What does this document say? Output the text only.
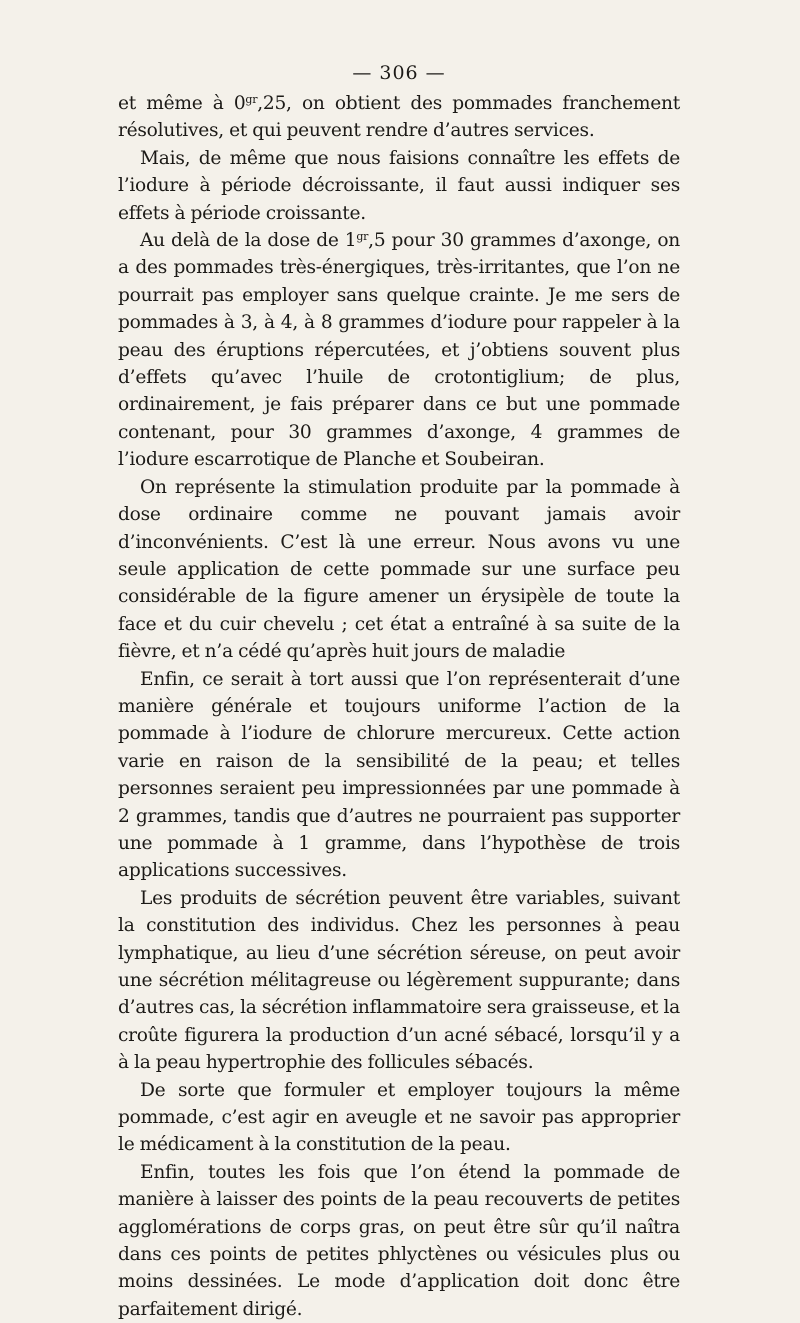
— 306 —

et même à $0^{gr},25$, on obtient des pommades franchement résolutives, et qui peuvent rendre d’autres services.

Mais, de même que nous faisions connaître les effets de l’iodure à période décroissante, il faut aussi indiquer ses effets à période croissante.

Au delà de la dose de $1^{gr},5$ pour 30 grammes d’axonge, on a des pommades très-énergiques, très-irritantes, que l’on ne pourrait pas employer sans quelque crainte. Je me sers de pommades à 3, à 4, à 8 grammes d’iodure pour rappeler à la peau des éruptions répercutées, et j’obtiens souvent plus d’effets qu’avec l’huile de crotontiglium; de plus, ordinairement, je fais préparer dans ce but une pommade contenant, pour 30 grammes d’axonge, 4 grammes de l’iodure escarrotique de Planche et Soubeiran.

On représente la stimulation produite par la pommade à dose ordinaire comme ne pouvant jamais avoir d’inconvénients. C’est là une erreur. Nous avons vu une seule application de cette pommade sur une surface peu considérable de la figure amener un érysipèle de toute la face et du cuir chevelu ; cet état a entraîné à sa suite de la fièvre, et n’a cédé qu’après huit jours de maladie

Enfin, ce serait à tort aussi que l’on représenterait d’une manière générale et toujours uniforme l’action de la pommade à l’iodure de chlorure mercureux. Cette action varie en raison de la sensibilité de la peau; et telles personnes seraient peu impressionnées par une pommade à 2 grammes, tandis que d’autres ne pourraient pas supporter une pommade à 1 gramme, dans l’hypothèse de trois applications successives.

Les produits de sécrétion peuvent être variables, suivant la constitution des individus. Chez les personnes à peau lymphatique, au lieu d’une sécrétion séreuse, on peut avoir une sécrétion mélitagreuse ou légèrement suppurante; dans d’autres cas, la sécrétion inflammatoire sera graisseuse, et la croûte figurera la production d’un acné sébacé, lorsqu’il y a à la peau hypertrophie des follicules sébacés.

De sorte que formuler et employer toujours la même pommade, c’est agir en aveugle et ne savoir pas approprier le médicament à la constitution de la peau.

Enfin, toutes les fois que l’on étend la pommade de manière à laisser des points de la peau recouverts de petites agglomérations de corps gras, on peut être sûr qu’il naîtra dans ces points de petites phlyctènes ou vésicules plus ou moins dessinées. Le mode d’application doit donc être parfaitement dirigé.
